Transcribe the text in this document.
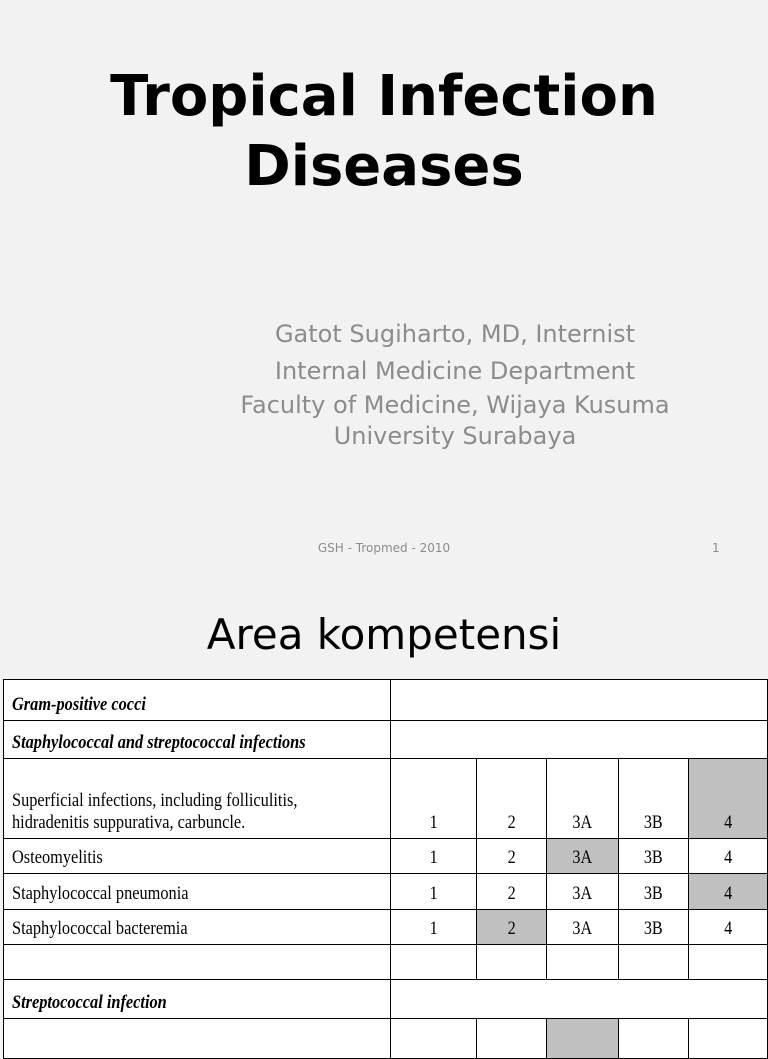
Tropical Infection
Diseases
Gatot Sugiharto, MD, Internist
Internal Medicine Department
Faculty of Medicine, Wijaya Kusuma
University Surabaya
GSH - Tropmed - 2010	1
Area kompetensi
Gram-positive cocci					

Staphylococcal and streptococcal infections					

Superficial infections, including folliculitis,
hidradenitis suppurativa, carbuncle.	1	2	3A	3B	4

Osteomyelitis	1	2	3A	3B	4

Staphylococcal pneumonia	1	2	3A	3B	4

Staphylococcal bacteremia	1	2	3A	3B	4

Streptococcal infection					
